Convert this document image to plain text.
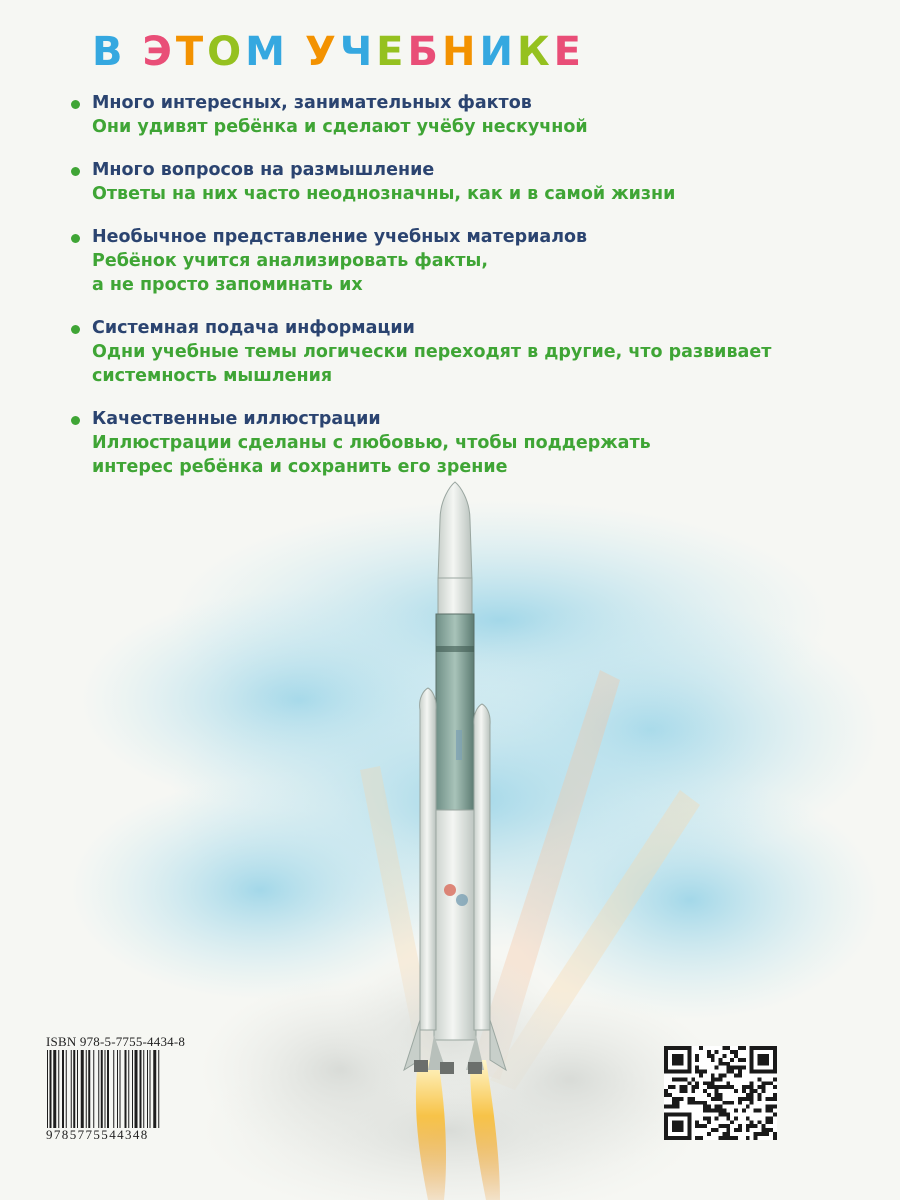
В ЭТОМ УЧЕБНИКЕ
Много интересных, занимательных фактов
Они удивят ребёнка и сделают учёбу нескучной
Много вопросов на размышление
Ответы на них часто неоднозначны, как и в самой жизни
Необычное представление учебных материалов
Ребёнок учится анализировать факты,
а не просто запоминать их
Системная подача информации
Одни учебные темы логически переходят в другие, что развивает
системность мышления
Качественные иллюстрации
Иллюстрации сделаны с любовью, чтобы поддержать
интерес ребёнка и сохранить его зрение
ISBN 978-5-7755-4434-8
9785775544348
